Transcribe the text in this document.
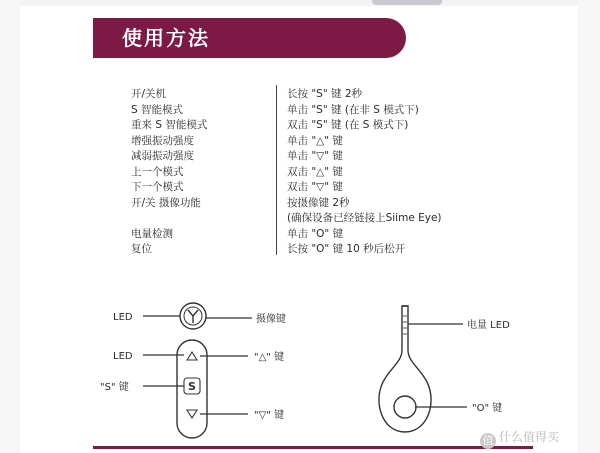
使用方法
开/关机
S 智能模式
重来 S 智能模式
增强振动强度
减弱振动强度
上一个模式
下一个模式
开/关 摄像功能
电量检测
复位
长按 "S" 键 2秒
单击 "S" 键 (在非 S 模式下)
双击 "S" 键 (在 S 模式下)
单击 "△" 键
单击 "▽" 键
双击 "△" 键
双击 "▽" 键
按摄像键 2秒
(确保设备已经链接上Siime Eye)
单击 "O" 键
长按 "O" 键 10 秒后松开
LED	摄像键
S
LED	"△" 键
"S" 键
"▽" 键
电量 LED
"O" 键
值 什么值得买
